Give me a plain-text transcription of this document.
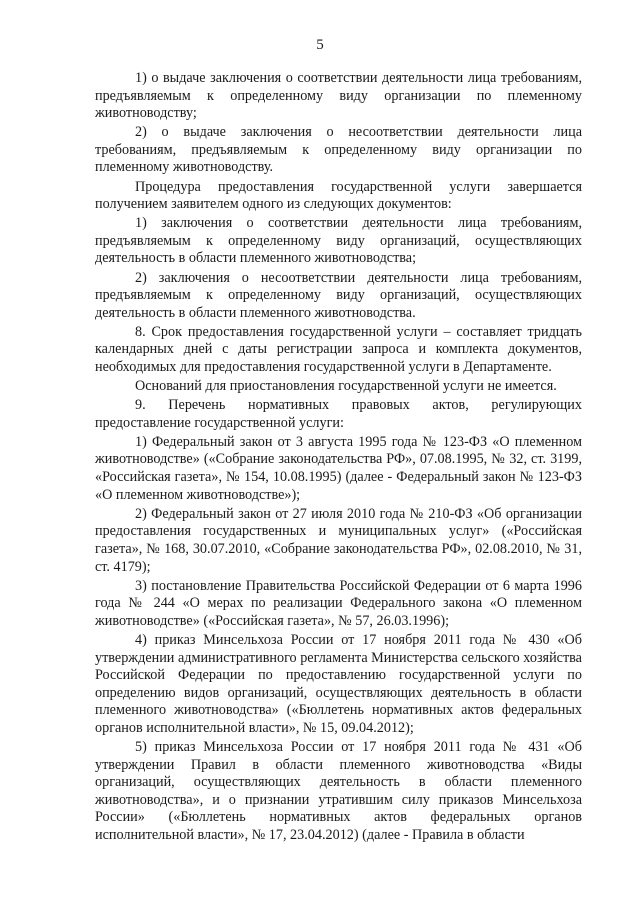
5

1) о выдаче заключения о соответствии деятельности лица требованиям, предъявляемым к определенному виду организации по племенному животноводству;

2) о выдаче заключения о несоответствии деятельности лица требованиям, предъявляемым к определенному виду организации по племенному животноводству.

Процедура предоставления государственной услуги завершается получением заявителем одного из следующих документов:

1) заключения о соответствии деятельности лица требованиям, предъявляемым к определенному виду организаций, осуществляющих деятельность в области племенного животноводства;

2) заключения о несоответствии деятельности лица требованиям, предъявляемым к определенному виду организаций, осуществляющих деятельность в области племенного животноводства.

8. Срок предоставления государственной услуги – составляет тридцать календарных дней с даты регистрации запроса и комплекта документов, необходимых для предоставления государственной услуги в Департаменте.

Оснований для приостановления государственной услуги не имеется.

9. Перечень нормативных правовых актов, регулирующих предоставление государственной услуги:

1) Федеральный закон от 3 августа 1995 года № 123-ФЗ «О племенном животноводстве» («Собрание законодательства РФ», 07.08.1995, № 32, ст. 3199, «Российская газета», № 154, 10.08.1995) (далее - Федеральный закон № 123-ФЗ «О племенном животноводстве»);

2) Федеральный закон от 27 июля 2010 года № 210-ФЗ «Об организации предоставления государственных и муниципальных услуг» («Российская газета», № 168, 30.07.2010, «Собрание законодательства РФ», 02.08.2010, № 31, ст. 4179);

3) постановление Правительства Российской Федерации от 6 марта 1996 года № 244 «О мерах по реализации Федерального закона «О племенном животноводстве» («Российская газета», № 57, 26.03.1996);

4) приказ Минсельхоза России от 17 ноября 2011 года № 430 «Об утверждении административного регламента Министерства сельского хозяйства Российской Федерации по предоставлению государственной услуги по определению видов организаций, осуществляющих деятельность в области племенного животноводства» («Бюллетень нормативных актов федеральных органов исполнительной власти», № 15, 09.04.2012);

5) приказ Минсельхоза России от 17 ноября 2011 года № 431 «Об утверждении Правил в области племенного животноводства «Виды организаций, осуществляющих деятельность в области племенного животноводства», и о признании утратившим силу приказов Минсельхоза России» («Бюллетень нормативных актов федеральных органов исполнительной власти», № 17, 23.04.2012) (далее - Правила в области
